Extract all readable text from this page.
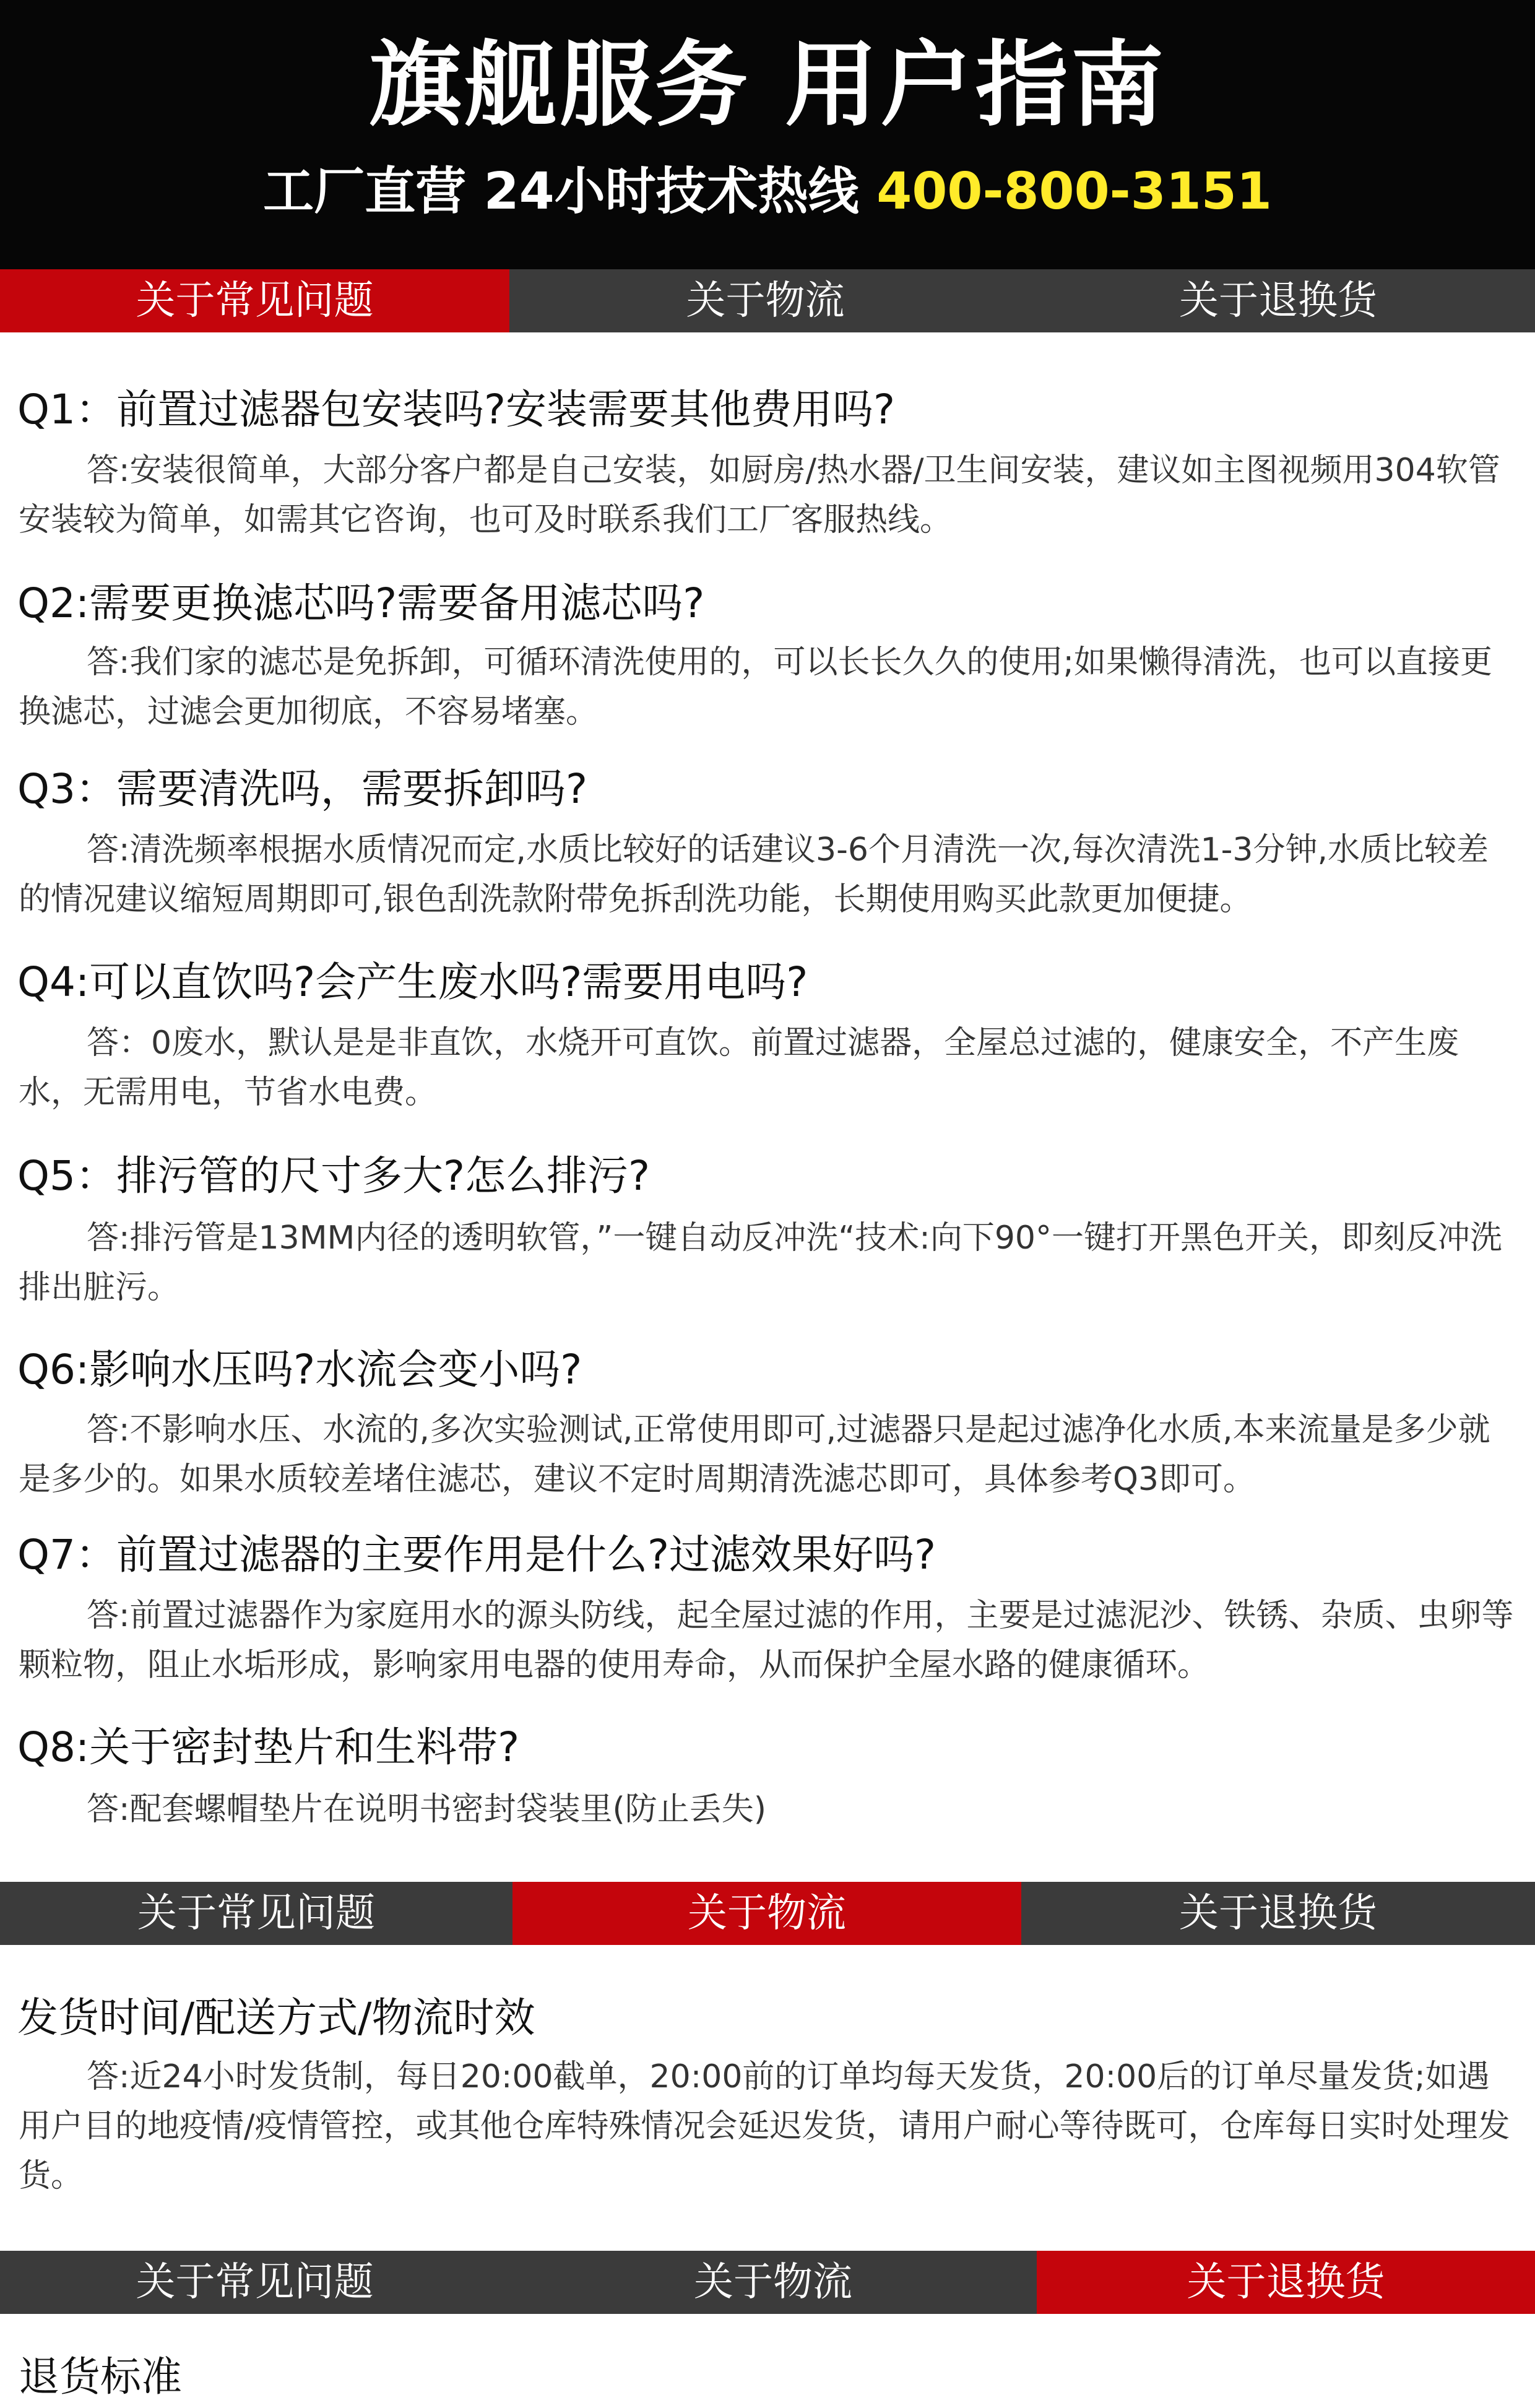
旗舰服务 用户指南
工厂直营 24小时技术热线 400-800-3151
关于常见问题	关于物流	关于退换货
Q1：前置过滤器包安装吗?安装需要其他费用吗?
答:安装很简单，大部分客户都是自己安装，如厨房/热水器/卫生间安装，建议如主图视频用304软管安装较为简单，如需其它咨询，也可及时联系我们工厂客服热线。
Q2:需要更换滤芯吗?需要备用滤芯吗?
答:我们家的滤芯是免拆卸，可循环清洗使用的，可以长长久久的使用;如果懒得清洗，也可以直接更换滤芯，过滤会更加彻底，不容易堵塞。
Q3：需要清洗吗，需要拆卸吗?
答:清洗频率根据水质情况而定,水质比较好的话建议3-6个月清洗一次,每次清洗1-3分钟,水质比较差的情况建议缩短周期即可,银色刮洗款附带免拆刮洗功能，长期使用购买此款更加便捷。
Q4:可以直饮吗?会产生废水吗?需要用电吗?
答：0废水，默认是是非直饮，水烧开可直饮。前置过滤器，全屋总过滤的，健康安全，不产生废水，无需用电，节省水电费。
Q5：排污管的尺寸多大?怎么排污?
答:排污管是13MM内径的透明软管，”一键自动反冲洗“技术:向下90°一键打开黑色开关，即刻反冲洗排出脏污。
Q6:影响水压吗?水流会变小吗?
答:不影响水压、水流的,多次实验测试,正常使用即可,过滤器只是起过滤净化水质,本来流量是多少就是多少的。如果水质较差堵住滤芯，建议不定时周期清洗滤芯即可，具体参考Q3即可。
Q7：前置过滤器的主要作用是什么?过滤效果好吗?
答:前置过滤器作为家庭用水的源头防线，起全屋过滤的作用，主要是过滤泥沙、铁锈、杂质、虫卵等颗粒物，阻止水垢形成，影响家用电器的使用寿命，从而保护全屋水路的健康循环。
Q8:关于密封垫片和生料带?
答:配套螺帽垫片在说明书密封袋装里(防止丢失)
关于常见问题	关于物流	关于退换货
发货时间/配送方式/物流时效
答:近24小时发货制，每日20:00截单，20:00前的订单均每天发货，20:00后的订单尽量发货;如遇用户目的地疫情/疫情管控，或其他仓库特殊情况会延迟发货，请用户耐心等待既可，仓库每日实时处理发货。
关于常见问题	关于物流	关于退换货
退货标准
